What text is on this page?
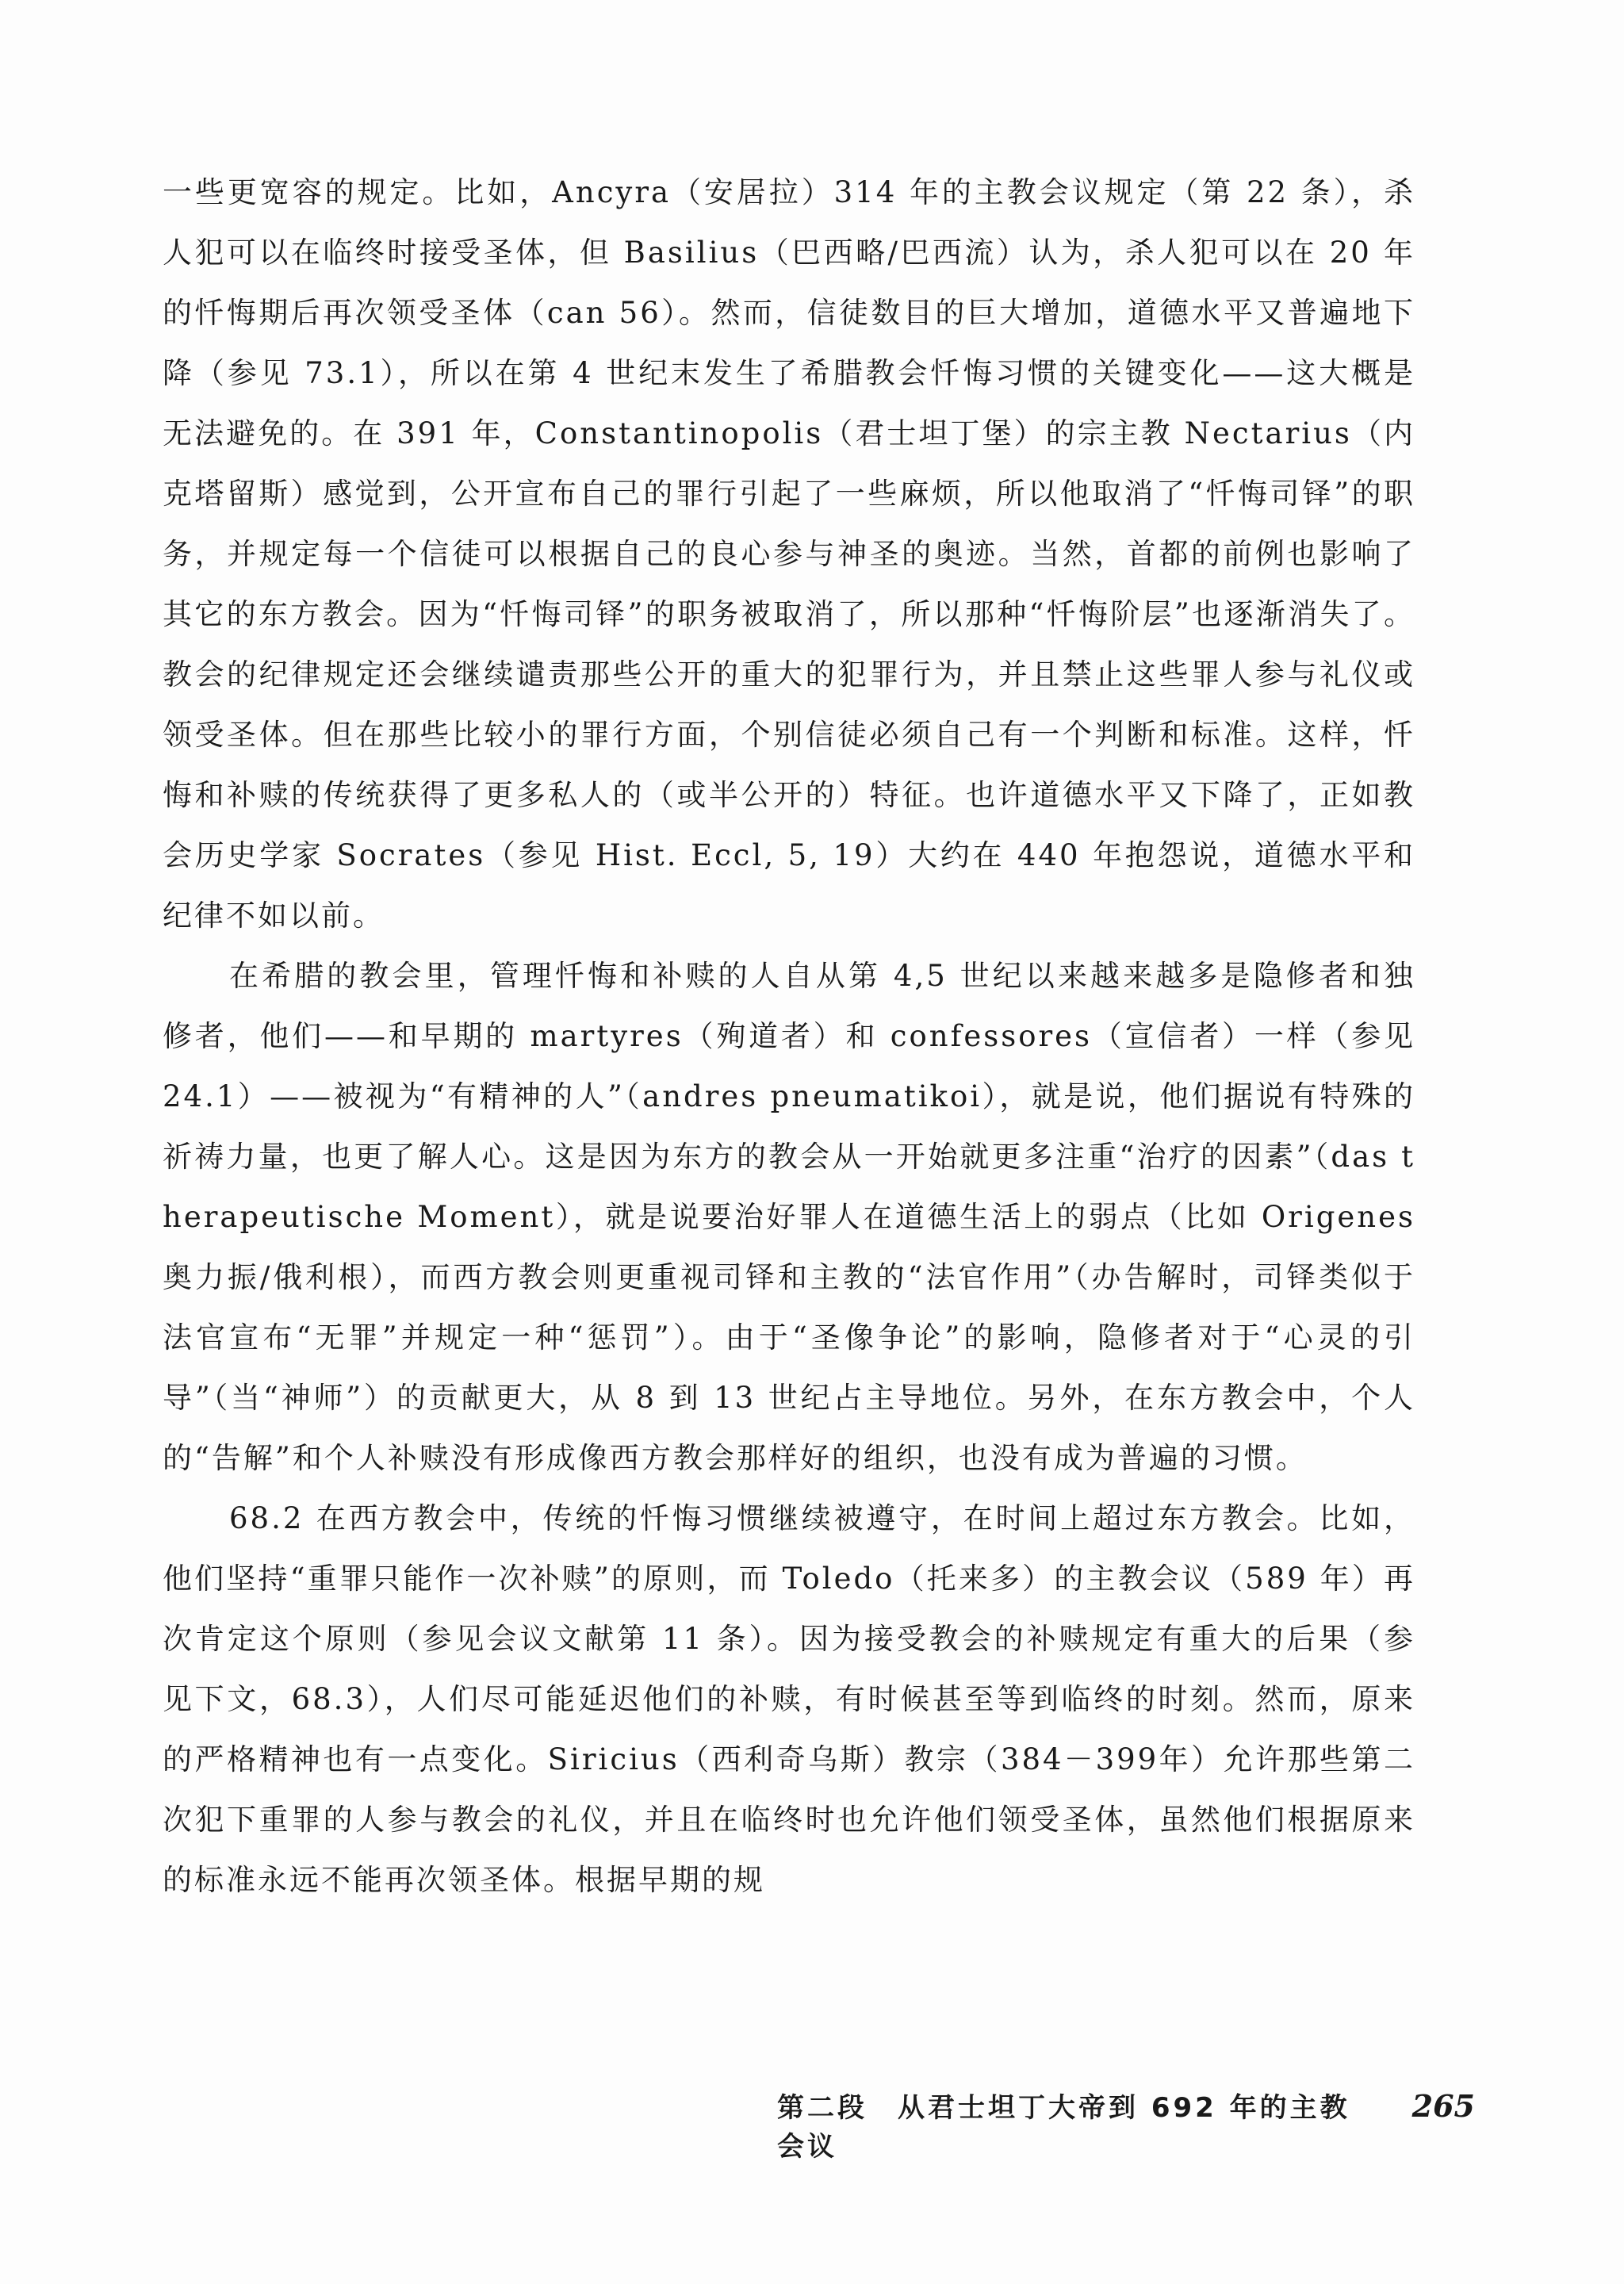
一些更宽容的规定。比如，Ancyra（安居拉）314 年的主教会议规定（第 22 条），杀人犯可以在临终时接受圣体，但 Basilius（巴西略/巴西流）认为，杀人犯可以在 20 年的忏悔期后再次领受圣体（can 56）。然而，信徒数目的巨大增加，道德水平又普遍地下降（参见 73.1），所以在第 4 世纪末发生了希腊教会忏悔习惯的关键变化——这大概是无法避免的。在 391 年，Constantinopolis（君士坦丁堡）的宗主教 Nectarius（内克塔留斯）感觉到，公开宣布自己的罪行引起了一些麻烦，所以他取消了“忏悔司铎”的职务，并规定每一个信徒可以根据自己的良心参与神圣的奥迹。当然，首都的前例也影响了其它的东方教会。因为“忏悔司铎”的职务被取消了，所以那种“忏悔阶层”也逐渐消失了。教会的纪律规定还会继续谴责那些公开的重大的犯罪行为，并且禁止这些罪人参与礼仪或领受圣体。但在那些比较小的罪行方面，个别信徒必须自己有一个判断和标准。这样，忏悔和补赎的传统获得了更多私人的（或半公开的）特征。也许道德水平又下降了，正如教会历史学家 Socrates（参见 Hist. Eccl, 5, 19）大约在 440 年抱怨说，道德水平和纪律不如以前。

在希腊的教会里，管理忏悔和补赎的人自从第 4,5 世纪以来越来越多是隐修者和独修者，他们——和早期的 martyres（殉道者）和 confessores（宣信者）一样（参见 24.1）——被视为“有精神的人”（andres pneumatikoi），就是说，他们据说有特殊的祈祷力量，也更了解人心。这是因为东方的教会从一开始就更多注重“治疗的因素”（das therapeutische Moment），就是说要治好罪人在道德生活上的弱点（比如 Origenes 奥力振/俄利根），而西方教会则更重视司铎和主教的“法官作用”（办告解时，司铎类似于法官宣布“无罪”并规定一种“惩罚”）。由于“圣像争论”的影响，隐修者对于“心灵的引导”（当“神师”）的贡献更大，从 8 到 13 世纪占主导地位。另外，在东方教会中，个人的“告解”和个人补赎没有形成像西方教会那样好的组织，也没有成为普遍的习惯。

68.2 在西方教会中，传统的忏悔习惯继续被遵守，在时间上超过东方教会。比如，他们坚持“重罪只能作一次补赎”的原则，而 Toledo（托来多）的主教会议（589 年）再次肯定这个原则（参见会议文献第 11 条）。因为接受教会的补赎规定有重大的后果（参见下文，68.3），人们尽可能延迟他们的补赎，有时候甚至等到临终的时刻。然而，原来的严格精神也有一点变化。Siricius（西利奇乌斯）教宗（384－399年）允许那些第二次犯下重罪的人参与教会的礼仪，并且在临终时也允许他们领受圣体，虽然他们根据原来的标准永远不能再次领圣体。根据早期的规

第二段　从君士坦丁大帝到 692 年的主教会议
265
